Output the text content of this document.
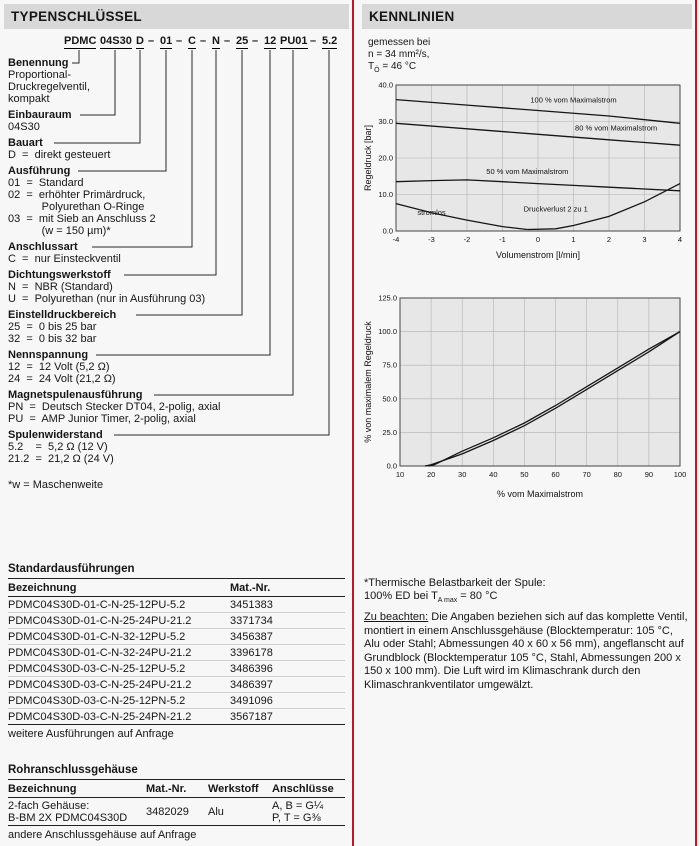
TYPENSCHLÜSSEL
PDMC 04S30 D – 01 – C – N – 25 – 12 PU01 – 5.2
Benennung
Proportional-
Druckregelventil,
kompakt
Einbauraum
04S30
Bauart
D  =  direkt gesteuert
Ausführung
01  =  Standard
02  =  erhöhter Primärdruck,
Polyurethan O-Ringe
03  =  mit Sieb an Anschluss 2
(w = 150 µm)*
Anschlussart
C  =  nur Einsteckventil
Dichtungswerkstoff
N  =  NBR (Standard)
U  =  Polyurethan (nur in Ausführung 03)
Einstelldruckbereich
25  =  0 bis 25 bar
32  =  0 bis 32 bar
Nennspannung
12  =  12 Volt (5,2 Ω)
24  =  24 Volt (21,2 Ω)
Magnetspulenausführung
PN  =  Deutsch Stecker DT04, 2-polig, axial
PU  =  AMP Junior Timer, 2-polig, axial
Spulenwiderstand
5.2    =  5,2 Ω (12 V)
21.2  =  21,2 Ω (24 V)
*w = Maschenweite
Standardausführungen
Bezeichnung	Mat.-Nr.
PDMC04S30D-01-C-N-25-12PU-5.2	3451383
PDMC04S30D-01-C-N-25-24PU-21.2	3371734
PDMC04S30D-01-C-N-32-12PU-5.2	3456387
PDMC04S30D-01-C-N-32-24PU-21.2	3396178
PDMC04S30D-03-C-N-25-12PU-5.2	3486396
PDMC04S30D-03-C-N-25-24PU-21.2	3486397
PDMC04S30D-03-C-N-25-12PN-5.2	3491096
PDMC04S30D-03-C-N-25-24PN-21.2	3567187
weitere Ausführungen auf Anfrage
Rohranschlussgehäuse
Bezeichnung	Mat.-Nr.	Werkstoff	Anschlüsse

2-fach Gehäuse:
B-BM 2X PDMC04S30D	3482029	Alu	A, B = G¼
P, T = G⅜
andere Anschlussgehäuse auf Anfrage
KENNLINIEN
gemessen bei
n = 34 mm²/s,
$T_Ö = 46$ °C
-4	-3	-2	-1	0	1	2	3	4
0.0
10.0
20.0
30.0
40.0
Volumenstrom [l/min]
Regeldruck [bar]
100 % vom Maximalstrom
80 % vom Maximalstrom
50 % vom Maximalstrom
stromlos	Druckverlust 2 zu 1
10	20	30	40	50	60	70	80	90	100
0.0
25.0
50.0
75.0
100.0
125.0
% vom Maximalstrom
% von maximalem Regeldruck
*Thermische Belastbarkeit der Spule:
100% ED bei $T_{A max} = 80$ °C
Zu beachten: Die Angaben beziehen sich auf das komplette Ventil, montiert in einem Anschlussgehäuse (Blocktemperatur: 105 °C, Alu oder Stahl; Abmessungen 40 x 60 x 56 mm), angeflanscht auf Grundblock (Blocktemperatur 105 °C, Stahl, Abmessungen 200 x 150 x 100 mm). Die Luft wird im Klimaschrank durch den Klimaschrankventilator umgewälzt.
